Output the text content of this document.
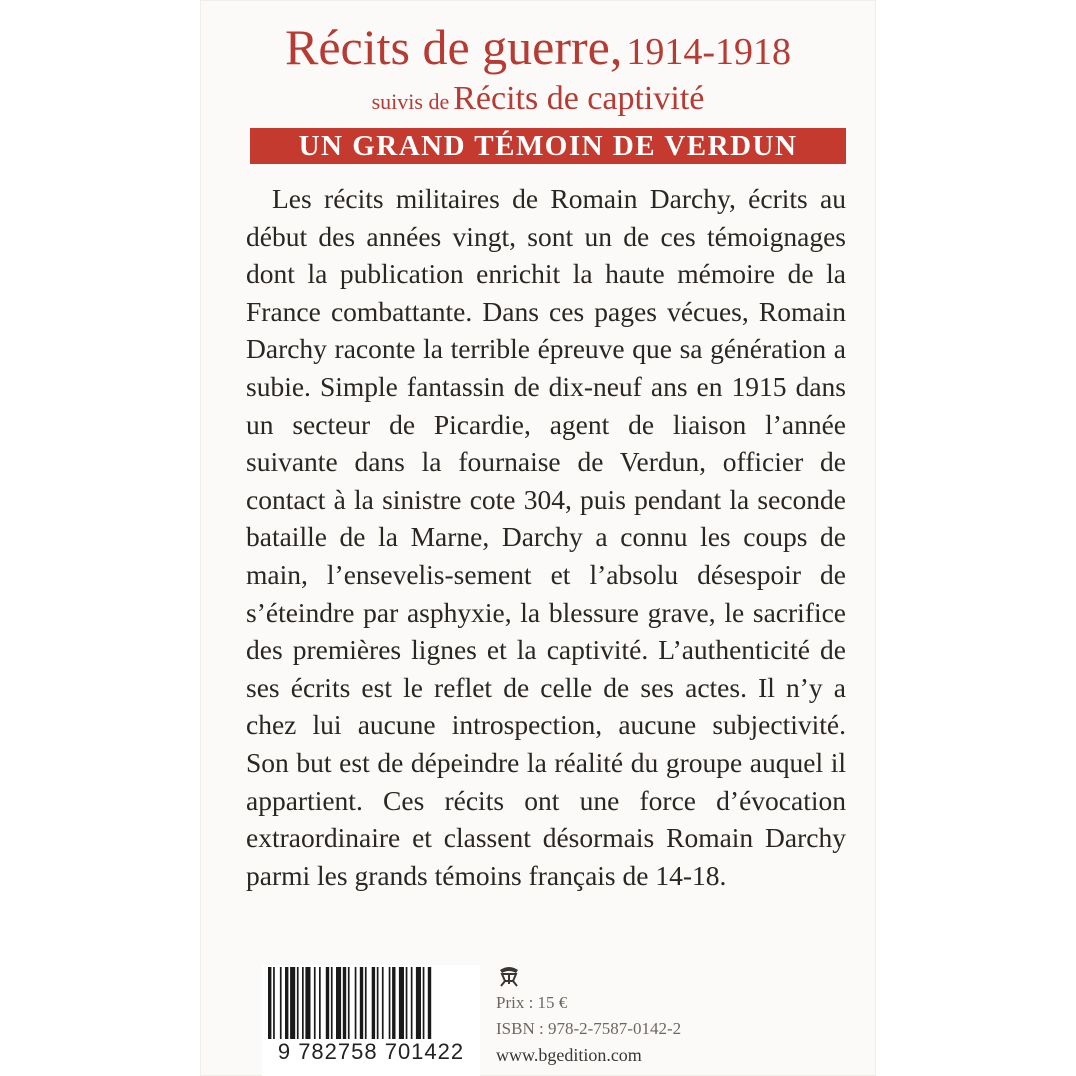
Récits de guerre, 1914-1918
suivis de Récits de captivité
UN GRAND TÉMOIN DE VERDUN

Les récits militaires de Romain Darchy, écrits au début des années vingt, sont un de ces témoignages dont la publication enrichit la haute mémoire de la France combattante. Dans ces pages vécues, Romain Darchy raconte la terrible épreuve que sa génération a subie. Simple fantassin de dix-neuf ans en 1915 dans un secteur de Picardie, agent de liaison l’année suivante dans la fournaise de Verdun, officier de contact à la sinistre cote 304, puis pendant la seconde bataille de la Marne, Darchy a connu les coups de main, l’ensevelis-sement et l’absolu désespoir de s’éteindre par asphyxie, la blessure grave, le sacrifice des premières lignes et la captivité. L’authenticité de ses écrits est le reflet de celle de ses actes. Il n’y a chez lui aucune introspection, aucune subjectivité. Son but est de dépeindre la réalité du groupe auquel il appartient. Ces récits ont une force d’évocation extraordinaire et classent désormais Romain Darchy parmi les grands témoins français de 14-18.

9 782758 701422
Prix : 15 €
ISBN : 978-2-7587-0142-2
www.bgedition.com
